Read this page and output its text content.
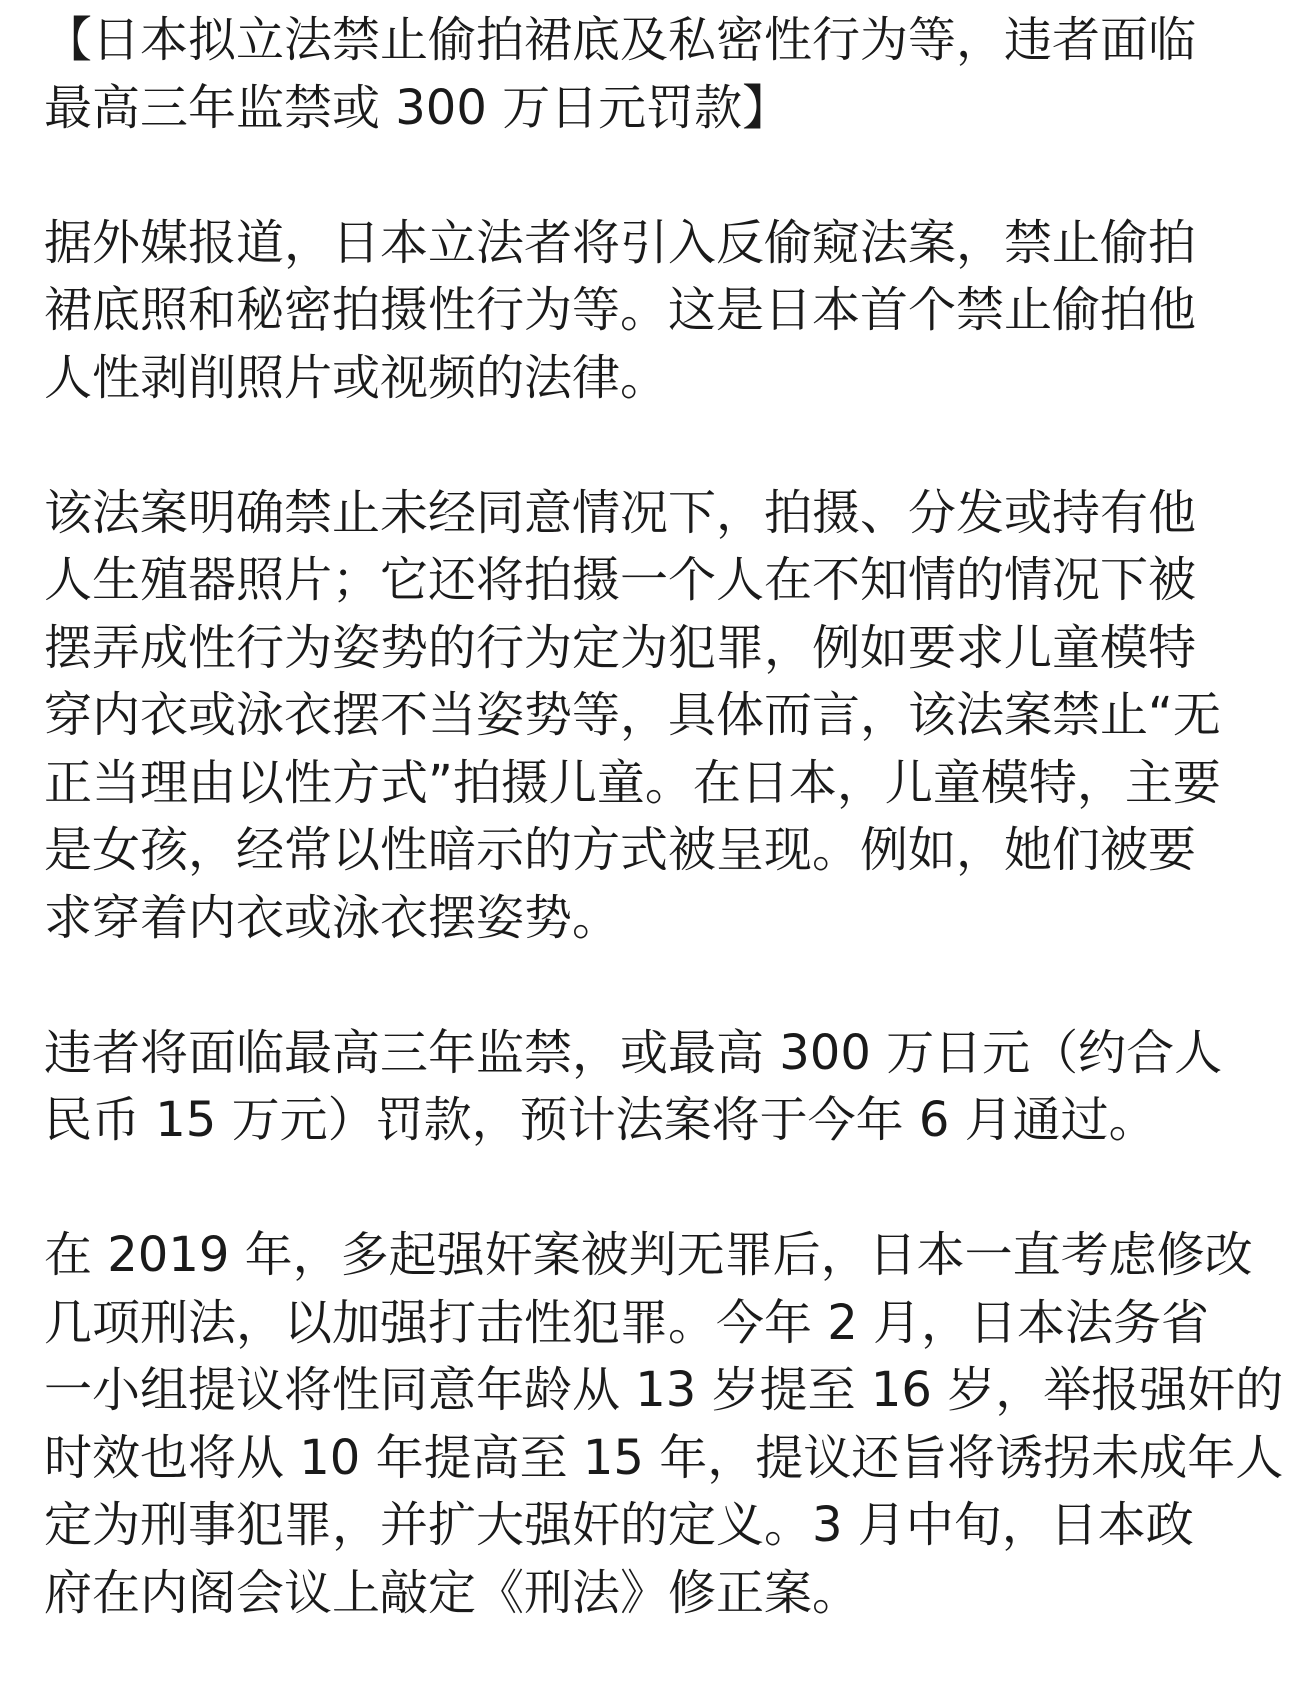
【日本拟立法禁止偷拍裙底及私密性行为等，违者面临
最高三年监禁或 300 万日元罚款】
据外媒报道，日本立法者将引入反偷窥法案，禁止偷拍
裙底照和秘密拍摄性行为等。这是日本首个禁止偷拍他
人性剥削照片或视频的法律。
该法案明确禁止未经同意情况下，拍摄、分发或持有他
人生殖器照片；它还将拍摄一个人在不知情的情况下被
摆弄成性行为姿势的行为定为犯罪，例如要求儿童模特
穿内衣或泳衣摆不当姿势等，具体而言，该法案禁止“无
正当理由以性方式”拍摄儿童。在日本，儿童模特，主要
是女孩，经常以性暗示的方式被呈现。例如，她们被要
求穿着内衣或泳衣摆姿势。
违者将面临最高三年监禁，或最高 300 万日元（约合人
民币 15 万元）罚款，预计法案将于今年 6 月通过。
在 2019 年，多起强奸案被判无罪后，日本一直考虑修改
几项刑法，以加强打击性犯罪。今年 2 月，日本法务省
一小组提议将性同意年龄从 13 岁提至 16 岁，举报强奸的
时效也将从 10 年提高至 15 年，提议还旨将诱拐未成年人
定为刑事犯罪，并扩大强奸的定义。3 月中旬，日本政
府在内阁会议上敲定《刑法》修正案。
